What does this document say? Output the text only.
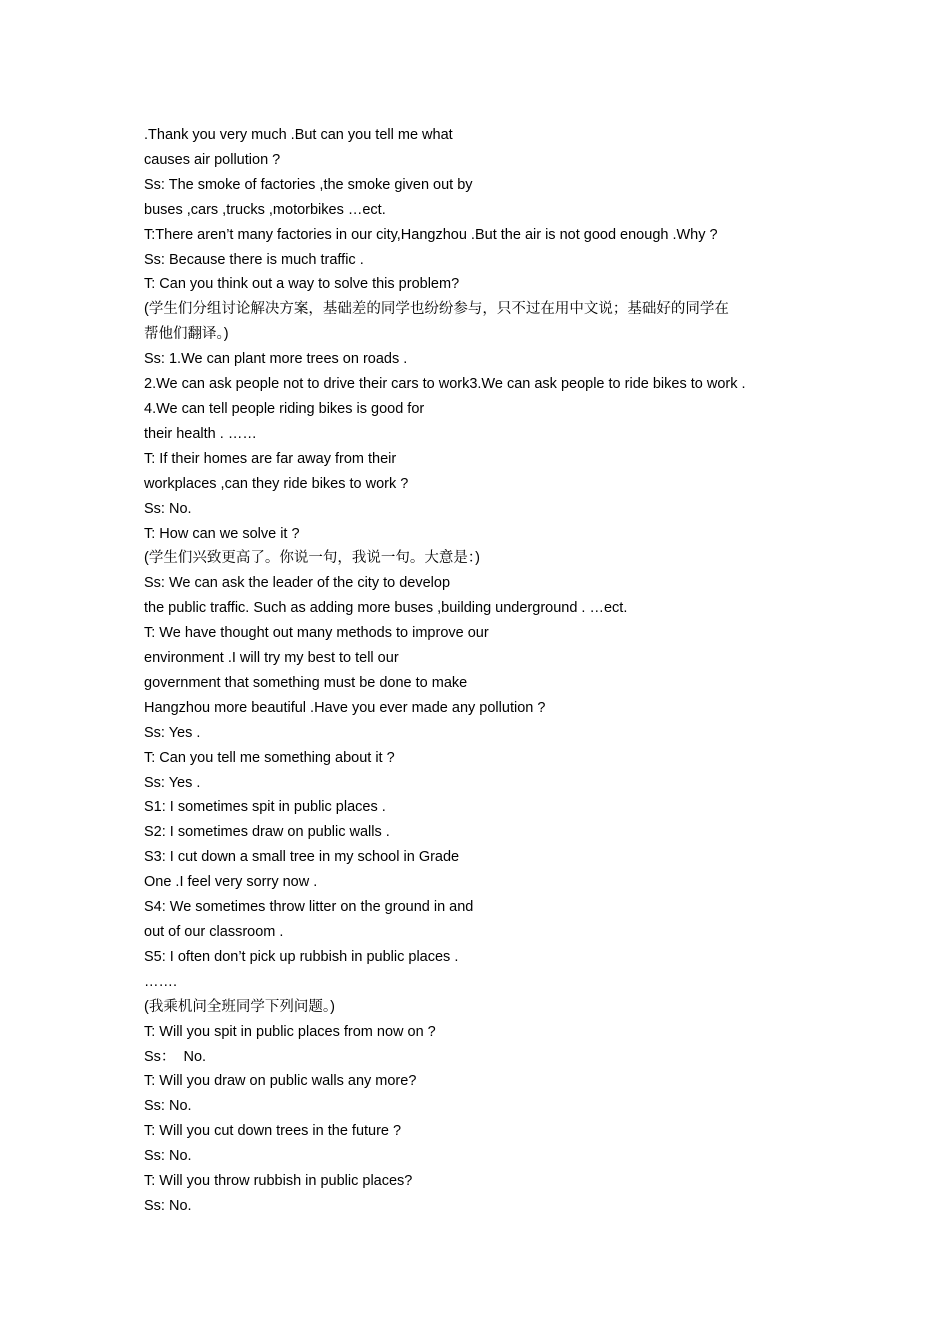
.Thank you very much .But can you tell me what

causes air pollution ?

Ss: The smoke of factories ,the smoke given out by

buses ,cars ,trucks ,motorbikes …ect.

T:There aren’t many factories in our city,Hangzhou .But the air is not good enough .Why ?

Ss: Because there is much traffic .

T: Can you think out a way to solve this problem?

(学生们分组讨论解决方案，基础差的同学也纷纷参与，只不过在用中文说；基础好的同学在

帮他们翻译。)

Ss: 1.We can plant more trees on roads .

2.We can ask people not to drive their cars to work3.We can ask people to ride bikes to work .

4.We can tell people riding bikes is good for

their health . ……

T: If their homes are far away from their

workplaces ,can they ride bikes to work ?

Ss: No.

T: How can we solve it ?

(学生们兴致更高了。你说一句，我说一句。大意是：)

Ss: We can ask the leader of the city to develop

the public traffic. Such as adding more buses ,building underground . …ect.

T: We have thought out many methods to improve our

environment .I will try my best to tell our

government that something must be done to make

Hangzhou more beautiful .Have you ever made any pollution ?

Ss: Yes .

T: Can you tell me something about it ?

Ss: Yes .

S1: I sometimes spit in public places .

S2: I sometimes draw on public walls .

S3: I cut down a small tree in my school in Grade

One .I feel very sorry now .

S4: We sometimes throw litter on the ground in and

out of our classroom .

S5: I often don’t pick up rubbish in public places .

…….

(我乘机问全班同学下列问题。)

T: Will you spit in public places from now on ?

Ss：  No.

T: Will you draw on public walls any more?

Ss: No.

T: Will you cut down trees in the future ?

Ss: No.

T: Will you throw rubbish in public places?

Ss: No.
